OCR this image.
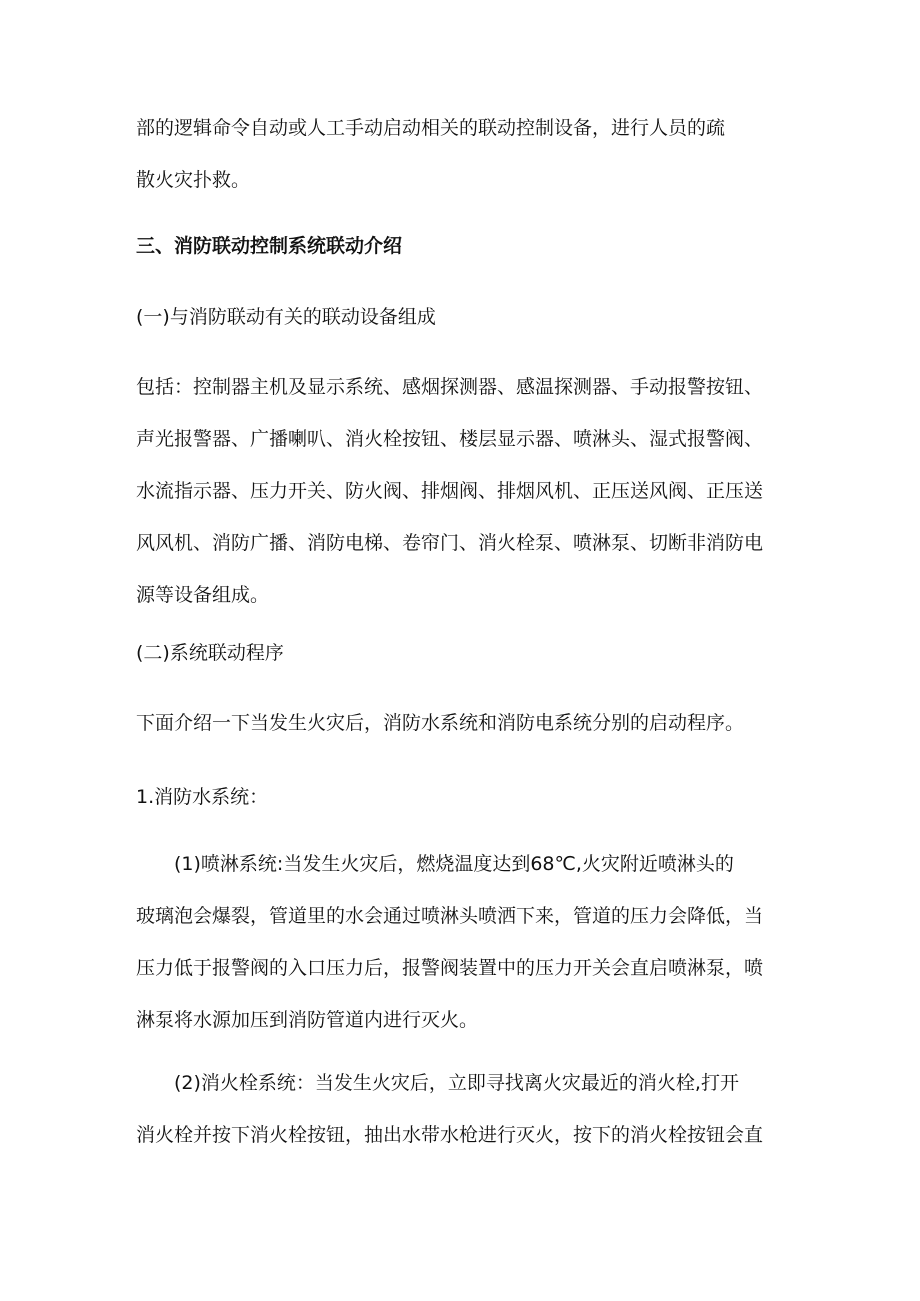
部的逻辑命令自动或人工手动启动相关的联动控制设备，进行人员的疏
散火灾扑救。

三、消防联动控制系统联动介绍

(一)与消防联动有关的联动设备组成

包括：控制器主机及显示系统、感烟探测器、感温探测器、手动报警按钮、
声光报警器、广播喇叭、消火栓按钮、楼层显示器、喷淋头、湿式报警阀、
水流指示器、压力开关、防火阀、排烟阀、排烟风机、正压送风阀、正压送
风风机、消防广播、消防电梯、卷帘门、消火栓泵、喷淋泵、切断非消防电
源等设备组成。

(二)系统联动程序

下面介绍一下当发生火灾后，消防水系统和消防电系统分别的启动程序。

1.消防水系统：

(1)喷淋系统:当发生火灾后，燃烧温度达到68℃,火灾附近喷淋头的
玻璃泡会爆裂，管道里的水会通过喷淋头喷洒下来，管道的压力会降低，当
压力低于报警阀的入口压力后，报警阀装置中的压力开关会直启喷淋泵，喷
淋泵将水源加压到消防管道内进行灭火。

(2)消火栓系统：当发生火灾后，立即寻找离火灾最近的消火栓,打开
消火栓并按下消火栓按钮，抽出水带水枪进行灭火，按下的消火栓按钮会直
